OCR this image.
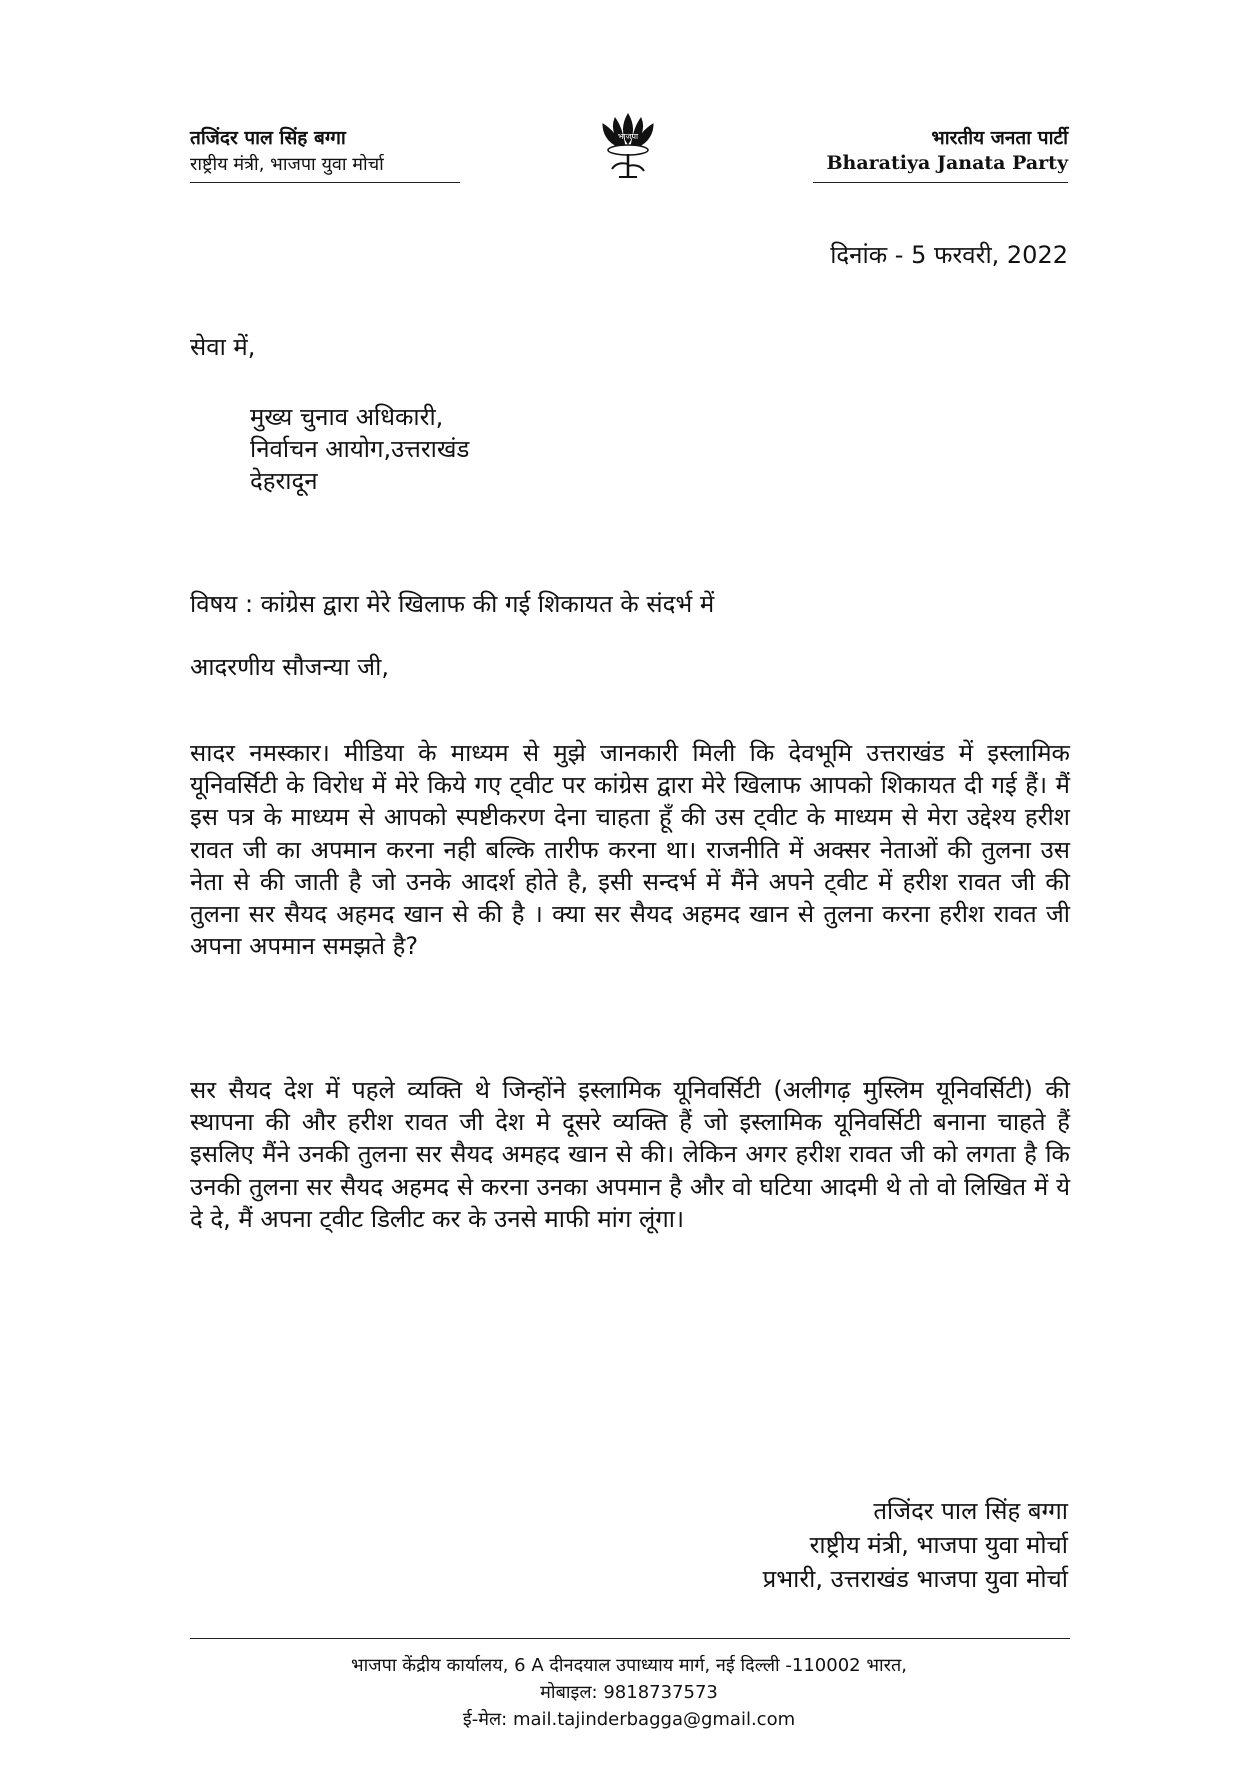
तजिंदर पाल सिंह बग्गा
राष्ट्रीय मंत्री, भाजपा युवा मोर्चा
भाजपा	भारतीय जनता पार्टी
Bharatiya Janata Party
दिनांक - 5 फरवरी, 2022
सेवा में,
मुख्य चुनाव अधिकारी,
निर्वाचन आयोग,उत्तराखंड
देहरादून
विषय : कांग्रेस द्वारा मेरे खिलाफ की गई शिकायत के संदर्भ में
आदरणीय सौजन्या जी,
सादर नमस्कार। मीडिया के माध्यम से मुझे जानकारी मिली कि देवभूमि उत्तराखंड में इस्लामिक यूनिवर्सिटी के विरोध में मेरे किये गए ट्वीट पर कांग्रेस द्वारा मेरे खिलाफ आपको शिकायत दी गई हैं। मैं इस पत्र के माध्यम से आपको स्पष्टीकरण देना चाहता हूँ की उस ट्वीट के माध्यम से मेरा उद्देश्य हरीश रावत जी का अपमान करना नही बल्कि तारीफ करना था। राजनीति में अक्सर नेताओं की तुलना उस नेता से की जाती है जो उनके आदर्श होते है, इसी सन्दर्भ में मैंने अपने ट्वीट में हरीश रावत जी की तुलना सर सैयद अहमद खान से की है । क्या सर सैयद अहमद खान से तुलना करना हरीश रावत जी अपना अपमान समझते है?
सर सैयद देश में पहले व्यक्ति थे जिन्होंने इस्लामिक यूनिवर्सिटी (अलीगढ़ मुस्लिम यूनिवर्सिटी) की स्थापना की और हरीश रावत जी देश मे दूसरे व्यक्ति हैं जो इस्लामिक यूनिवर्सिटी बनाना चाहते हैं इसलिए मैंने उनकी तुलना सर सैयद अमहद खान से की। लेकिन अगर हरीश रावत जी को लगता है कि उनकी तुलना सर सैयद अहमद से करना उनका अपमान है और वो घटिया आदमी थे तो वो लिखित में ये दे दे, मैं अपना ट्वीट डिलीट कर के उनसे माफी मांग लूंगा।
तजिंदर पाल सिंह बग्गा
राष्ट्रीय मंत्री, भाजपा युवा मोर्चा
प्रभारी, उत्तराखंड भाजपा युवा मोर्चा
भाजपा केंद्रीय कार्यालय, 6 A दीनदयाल उपाध्याय मार्ग, नई दिल्ली -110002 भारत,
मोबाइल: 9818737573
ई-मेल: mail.tajinderbagga@gmail.com
